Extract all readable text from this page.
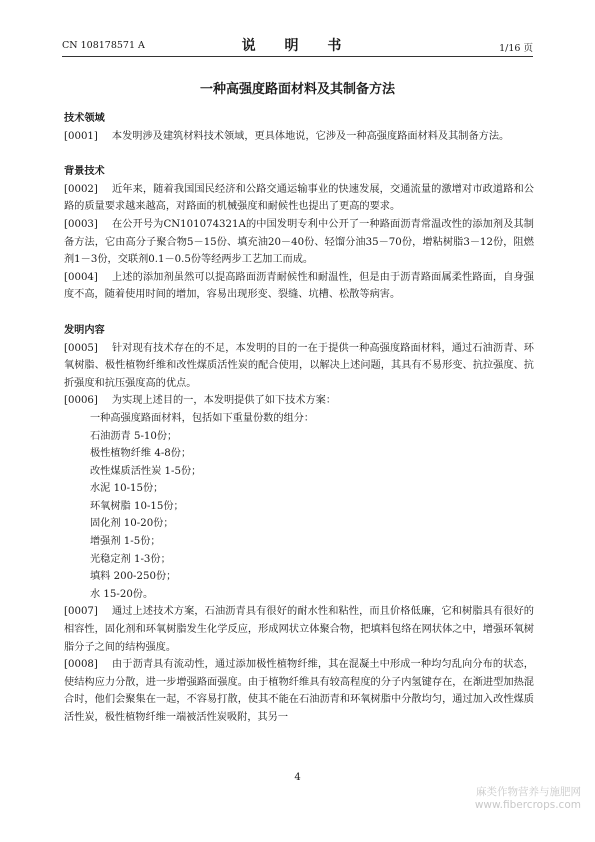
CN 108178571 A	说 明 书	1/16 页
一种高强度路面材料及其制备方法
技术领域
[0001] 本发明涉及建筑材料技术领域，更具体地说，它涉及一种高强度路面材料及其制备方法。
背景技术
[0002] 近年来，随着我国国民经济和公路交通运输事业的快速发展，交通流量的激增对市政道路和公路的质量要求越来越高，对路面的机械强度和耐候性也提出了更高的要求。
[0003] 在公开号为CN101074321A的中国发明专利中公开了一种路面沥青常温改性的添加剂及其制备方法，它由高分子聚合物5－15份、填充油20－40份、轻馏分油35－70份，增粘树脂3－12份，阻燃剂1－3份，交联剂0.1－0.5份等经两步工艺加工而成。
[0004] 上述的添加剂虽然可以提高路面沥青耐候性和耐温性，但是由于沥青路面属柔性路面，自身强度不高，随着使用时间的增加，容易出现形变、裂缝、坑槽、松散等病害。
发明内容
[0005] 针对现有技术存在的不足，本发明的目的一在于提供一种高强度路面材料，通过石油沥青、环氧树脂、极性植物纤维和改性煤质活性炭的配合使用，以解决上述问题，其具有不易形变、抗拉强度、抗折强度和抗压强度高的优点。
[0006] 为实现上述目的一，本发明提供了如下技术方案：
一种高强度路面材料，包括如下重量份数的组分：
石油沥青 5-10份；
极性植物纤维 4-8份；
改性煤质活性炭 1-5份；
水泥 10-15份；
环氧树脂 10-15份；
固化剂 10-20份；
增强剂 1-5份；
光稳定剂 1-3份；
填料 200-250份；
水 15-20份。
[0007] 通过上述技术方案，石油沥青具有很好的耐水性和粘性，而且价格低廉，它和树脂具有很好的相容性，固化剂和环氧树脂发生化学反应，形成网状立体聚合物，把填料包络在网状体之中，增强环氧树脂分子之间的结构强度。
[0008] 由于沥青具有流动性，通过添加极性植物纤维，其在混凝土中形成一种均匀乱向分布的状态，使结构应力分散，进一步增强路面强度。由于植物纤维具有较高程度的分子内氢键存在，在渐进型加热混合时，他们会聚集在一起，不容易打散，使其不能在石油沥青和环氧树脂中分散均匀，通过加入改性煤质活性炭，极性植物纤维一端被活性炭吸附，其另一
4
麻类作物营养与施肥网
www.fibercrops.com
